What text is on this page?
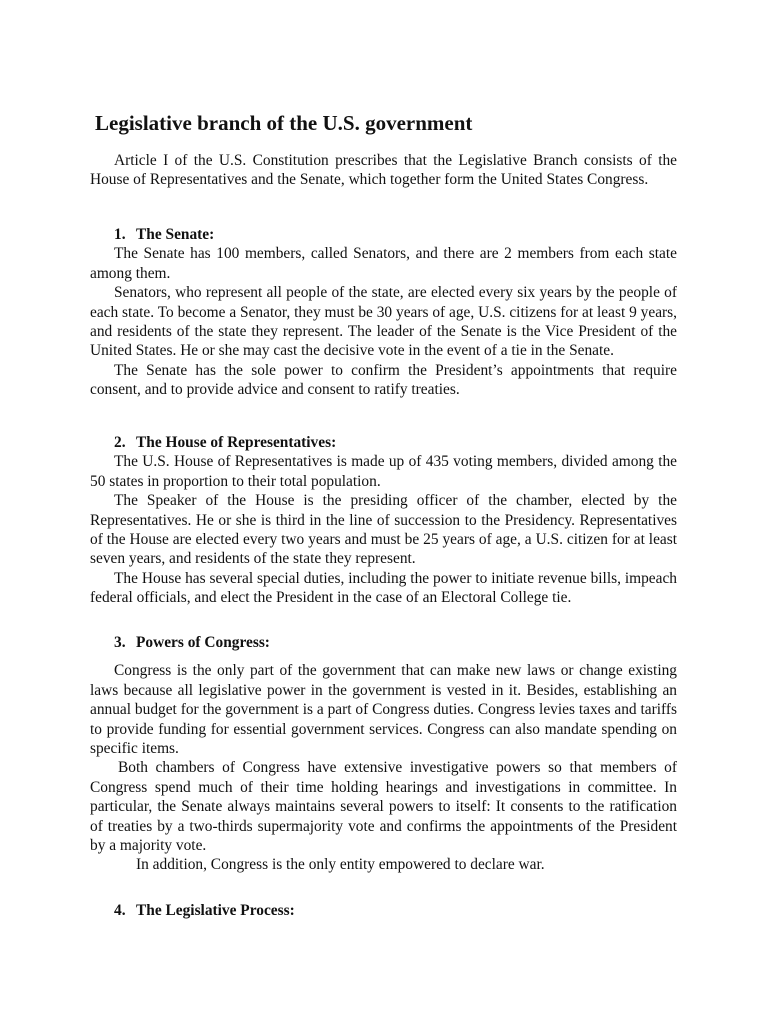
Legislative branch of the U.S. government

Article I of the U.S. Constitution prescribes that the Legislative Branch consists of the House of Representatives and the Senate, which together form the United States Congress.

1. The Senate:

The Senate has 100 members, called Senators, and there are 2 members from each state among them.

Senators, who represent all people of the state, are elected every six years by the people of each state. To become a Senator, they must be 30 years of age, U.S. citizens for at least 9 years, and residents of the state they represent. The leader of the Senate is the Vice President of the United States. He or she may cast the decisive vote in the event of a tie in the Senate.

The Senate has the sole power to confirm the President’s appointments that require consent, and to provide advice and consent to ratify treaties.

2. The House of Representatives:

The U.S. House of Representatives is made up of 435 voting members, divided among the 50 states in proportion to their total population.

The Speaker of the House is the presiding officer of the chamber, elected by the Representatives. He or she is third in the line of succession to the Presidency. Representatives of the House are elected every two years and must be 25 years of age, a U.S. citizen for at least seven years, and residents of the state they represent.

The House has several special duties, including the power to initiate revenue bills, impeach federal officials, and elect the President in the case of an Electoral College tie.

3. Powers of Congress:

Congress is the only part of the government that can make new laws or change existing laws because all legislative power in the government is vested in it. Besides, establishing an annual budget for the government is a part of Congress duties. Congress levies taxes and tariffs to provide funding for essential government services. Congress can also mandate spending on specific items.

Both chambers of Congress have extensive investigative powers so that members of Congress spend much of their time holding hearings and investigations in committee. In particular, the Senate always maintains several powers to itself: It consents to the ratification of treaties by a two-thirds supermajority vote and confirms the appointments of the President by a majority vote.

In addition, Congress is the only entity empowered to declare war.

4. The Legislative Process:
